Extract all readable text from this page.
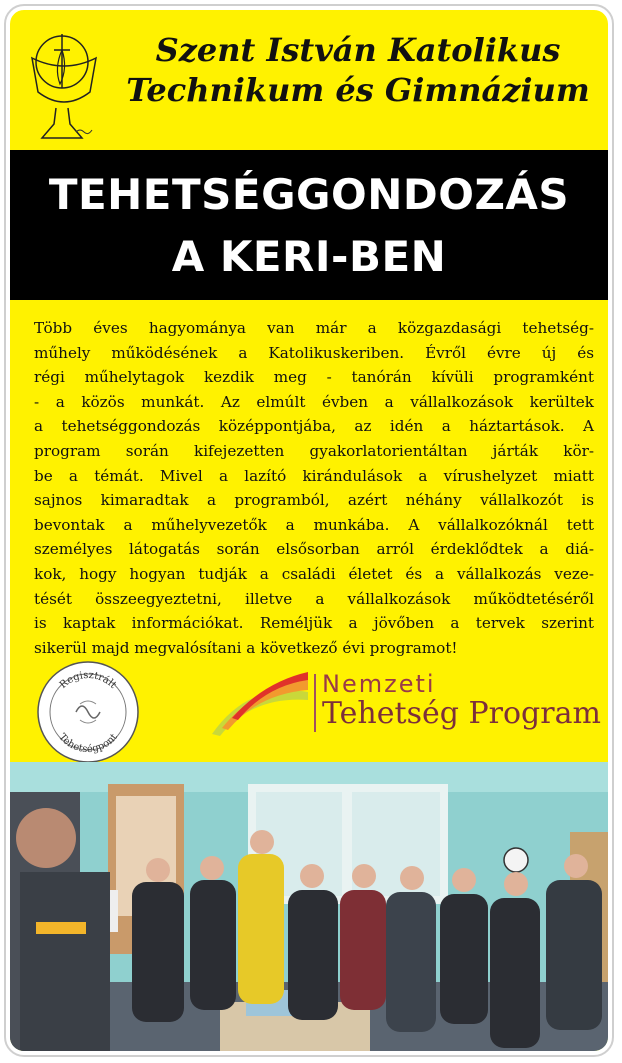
Szent István Katolikus
Technikum és Gimnázium
TEHETSÉGGONDOZÁS
A KERI-BEN
Több éves hagyománya van már a közgazdasági tehetség-
műhely működésének a Katolikuskeriben. Évről évre új és
régi műhelytagok kezdik meg - tanórán kívüli programként
- a közös munkát. Az elmúlt évben a vállalkozások kerültek
a tehetséggondozás középpontjába, az idén a háztartások. A
program során kifejezetten gyakorlatorientáltan járták kör-
be a témát. Mivel a lazító kirándulások a vírushelyzet miatt
sajnos kimaradtak a programból, azért néhány vállalkozót is
bevontak a műhelyvezetők a munkába. A vállalkozóknál tett
személyes látogatás során elsősorban arról érdeklődtek a diá-
kok, hogy hogyan tudják a családi életet és a vállalkozás veze-
tését összeegyeztetni, illetve a vállalkozások működtetéséről
is kaptak információkat. Reméljük a jövőben a tervek szerint
sikerül majd megvalósítani a következő évi programot!
Regisztrált
Tehetségpont
Nemzeti
Tehetség Program
